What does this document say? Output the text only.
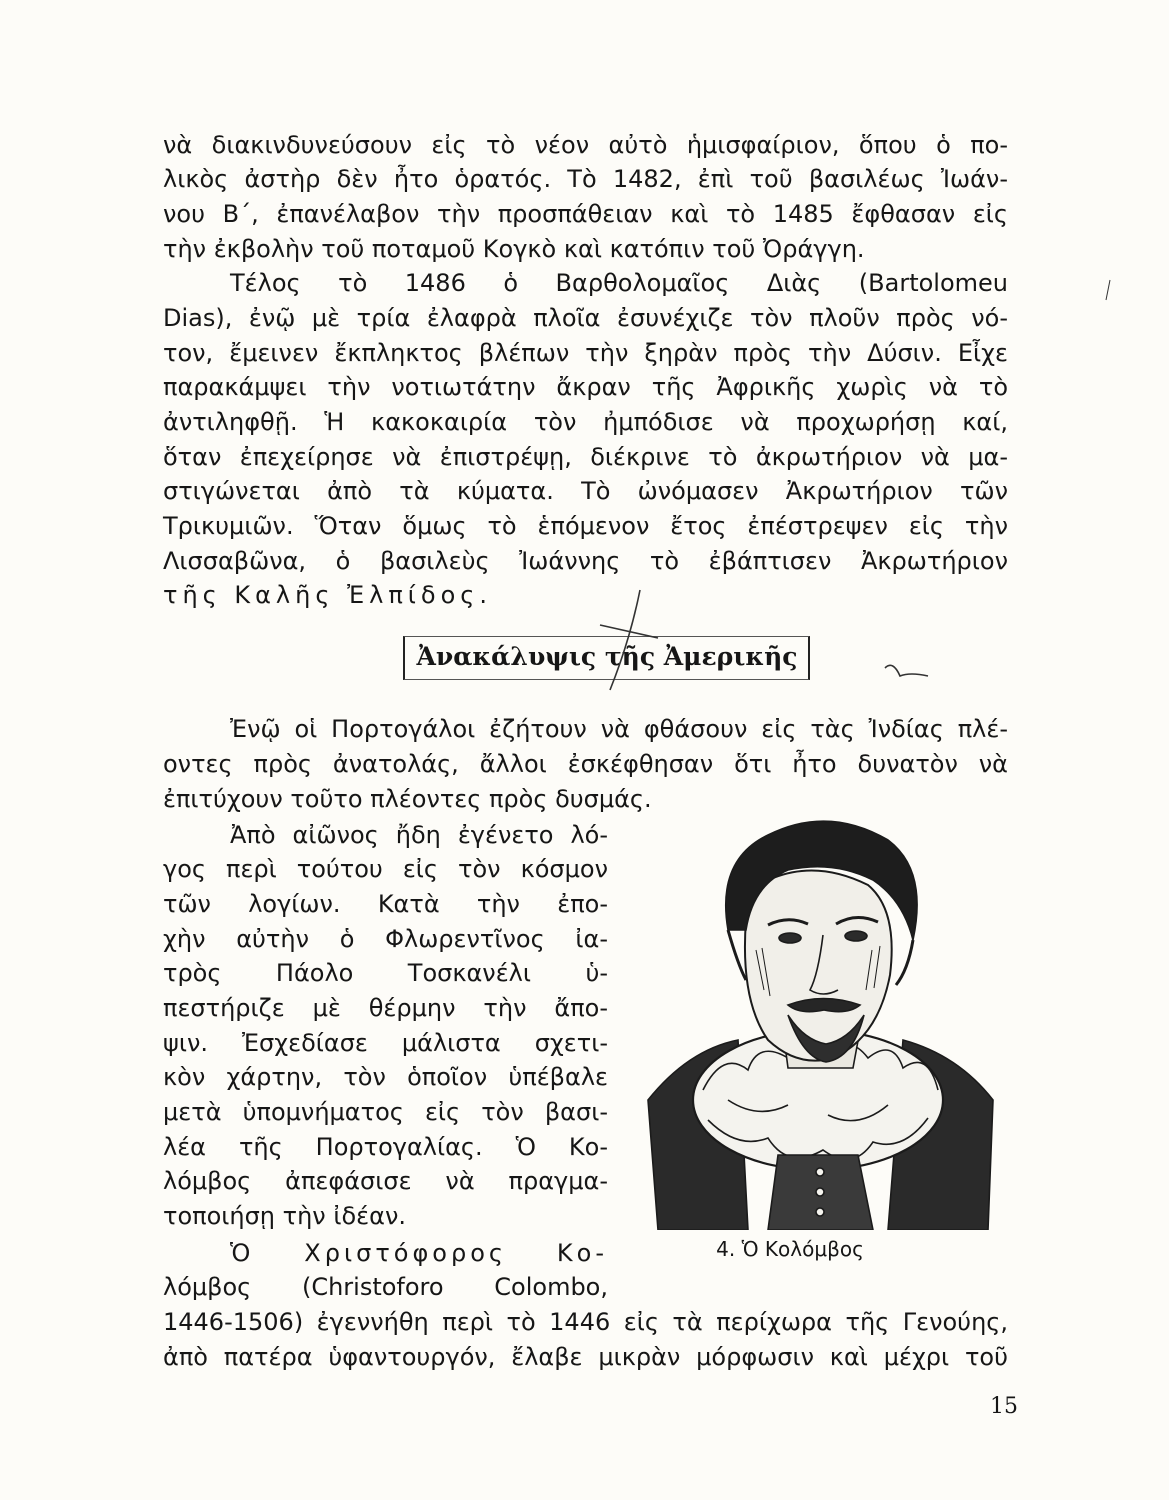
νὰ διακινδυνεύσουν εἰς τὸ νέον αὐτὸ ἡμισφαίριον, ὅπου ὁ πο-
λικὸς ἀστὴρ δὲν ἦτο ὁρατός. Τὸ 1482, ἐπὶ τοῦ βασιλέως Ἰωάν-
νου Β΄, ἐπανέλαβον τὴν προσπάθειαν καὶ τὸ 1485 ἔφθασαν εἰς
τὴν ἐκβολὴν τοῦ ποταμοῦ Κογκὸ καὶ κατόπιν τοῦ Ὀράγγη.
Τέλος τὸ 1486 ὁ Βαρθολομαῖος Διὰς (Bartolomeu
Dias), ἐνῷ μὲ τρία ἐλαφρὰ πλοῖα ἐσυνέχιζε τὸν πλοῦν πρὸς νό-
τον, ἔμεινεν ἔκπληκτος βλέπων τὴν ξηρὰν πρὸς τὴν Δύσιν. Εἶχε
παρακάμψει τὴν νοτιωτάτην ἄκραν τῆς Ἀφρικῆς χωρὶς νὰ τὸ
ἀντιληφθῇ. Ἡ κακοκαιρία τὸν ἠμπόδισε νὰ προχωρήσῃ καί,
ὅταν ἐπεχείρησε νὰ ἐπιστρέψῃ, διέκρινε τὸ ἀκρωτήριον νὰ μα-
στιγώνεται ἀπὸ τὰ κύματα. Τὸ ὠνόμασεν Ἀκρωτήριον τῶν
Τρικυμιῶν. Ὅταν ὅμως τὸ ἑπόμενον ἔτος ἐπέστρεψεν εἰς τὴν
Λισσαβῶνα, ὁ βασιλεὺς Ἰωάννης τὸ ἐβάπτισεν Ἀκρωτήριον
τῆς Καλῆς Ἐλπίδος.
Ἀνακάλυψις τῆς Ἀμερικῆς
Ἐνῷ οἱ Πορτογάλοι ἐζήτουν νὰ φθάσουν εἰς τὰς Ἰνδίας πλέ-
οντες πρὸς ἀνατολάς, ἄλλοι ἐσκέφθησαν ὅτι ἦτο δυνατὸν νὰ
ἐπιτύχουν τοῦτο πλέοντες πρὸς δυσμάς.
Ἀπὸ αἰῶνος ἤδη ἐγένετο λό-
γος περὶ τούτου εἰς τὸν κόσμον
τῶν λογίων. Κατὰ τὴν ἐπο-
χὴν αὐτὴν ὁ Φλωρεντῖνος ἰα-
τρὸς Πάολο Τοσκανέλι ὑ-
πεστήριζε μὲ θέρμην τὴν ἄπο-
ψιν. Ἐσχεδίασε μάλιστα σχετι-
κὸν χάρτην, τὸν ὁποῖον ὑπέβαλε
μετὰ ὑπομνήματος εἰς τὸν βασι-
λέα τῆς Πορτογαλίας. Ὁ Κο-
λόμβος ἀπεφάσισε νὰ πραγμα-
τοποιήσῃ τὴν ἰδέαν.
Ὁ Χριστόφορος Κο-
λόμβος (Christoforo Colombo,
1446-1506) ἐγεννήθη περὶ τὸ 1446 εἰς τὰ περίχωρα τῆς Γενούης,
ἀπὸ πατέρα ὑφαντουργόν, ἔλαβε μικρὰν μόρφωσιν καὶ μέχρι τοῦ
4. Ὁ Κολόμβος
15
